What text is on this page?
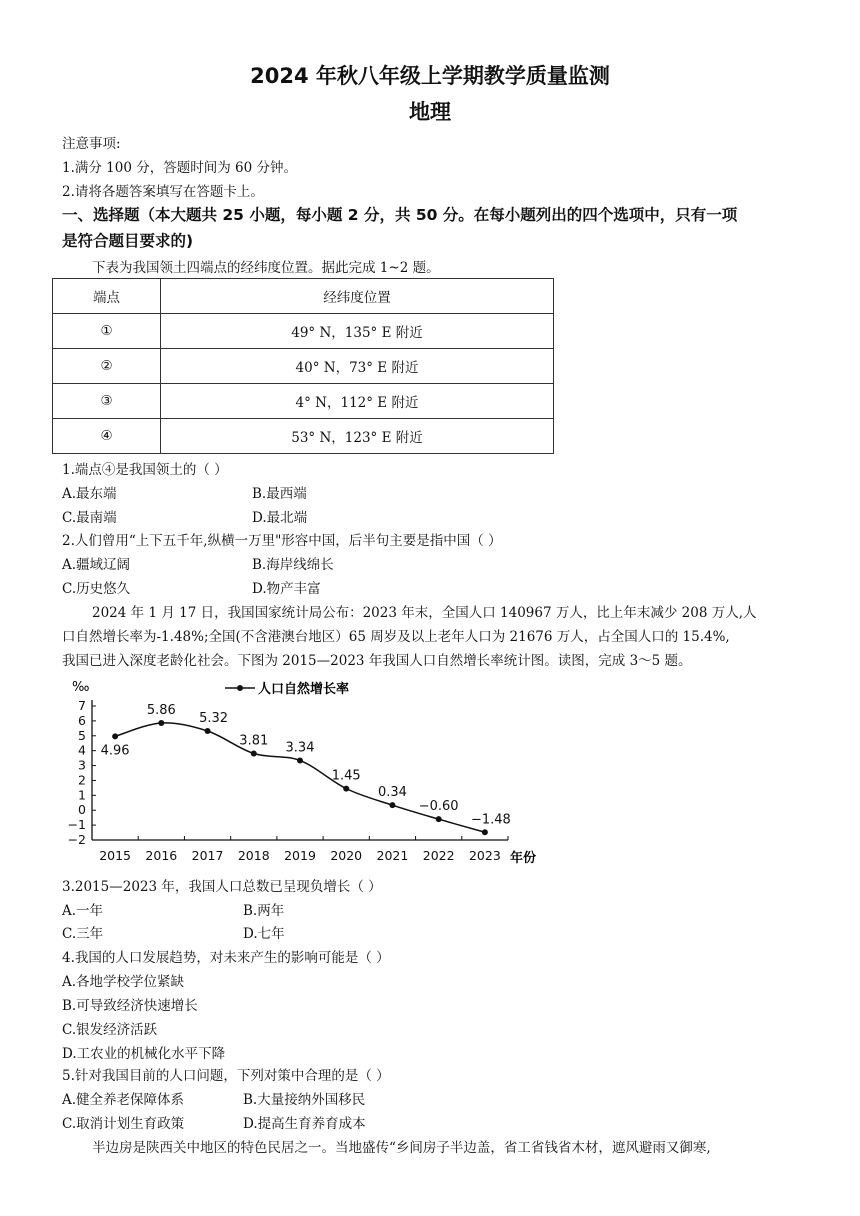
2024 年秋八年级上学期教学质量监测
地理
注意事项:
1.满分 100 分，答题时间为 60 分钟。
2.请将各题答案填写在答题卡上。
一、选择题（本大题共 25 小题，每小题 2 分，共 50 分。在每小题列出的四个选项中，只有一项
是符合题目要求的)
下表为我国领土四端点的经纬度位置。据此完成 1~2 题。
端点	经纬度位置
①	49° N，135° E 附近
②	40° N，73° E 附近
③	4° N，112° E 附近
④	53° N，123° E 附近
1.端点④是我国领土的（ ）
A.最东端	B.最西端
C.最南端	D.最北端
2.人们曾用“上下五千年,纵横一万里"形容中国，后半句主要是指中国（ ）
A.疆域辽阔	B.海岸线绵长
C.历史悠久	D.物产丰富
2024 年 1 月 17 日，我国国家统计局公布：2023 年末，全国人口 140967 万人，比上年末减少 208 万人,人
口自然增长率为-1.48%;全国(不含港澳台地区）65 周岁及以上老年人口为 21676 万人，占全国人口的 15.4%,
我国已进入深度老龄化社会。下图为 2015—2023 年我国人口自然增长率统计图。读图，完成 3～5 题。
‰	人口自然增长率
年份
7
6
5
4
3
2
1
0
−1
−2
2015 2016 2017 2018 2019 2020 2021 2022 2023
4.96
5.86
5.32
3.81 3.34
1.45
0.34
−0.60
−1.48
3.2015—2023 年，我国人口总数已呈现负增长（ ）
A.一年	B.两年
C.三年	D.七年
4.我国的人口发展趋势，对未来产生的影响可能是（ ）
A.各地学校学位紧缺
B.可导致经济快速增长
C.银发经济活跃
D.工农业的机械化水平下降
5.针对我国目前的人口问题，下列对策中合理的是（ ）
A.健全养老保障体系	B.大量接纳外国移民
C.取消计划生育政策	D.提高生育养育成本
半边房是陕西关中地区的特色民居之一。当地盛传“乡间房子半边盖，省工省钱省木材，遮风避雨又御寒,
